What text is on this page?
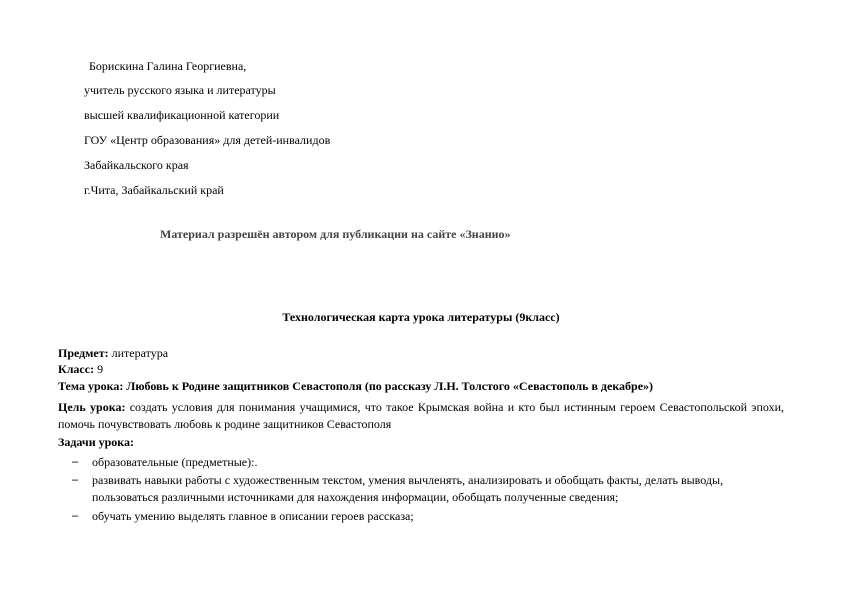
Борискина Галина Георгиевна,
учитель русского языка и литературы
высшей квалификационной категории
ГОУ «Центр образования» для детей-инвалидов
Забайкальского края
г.Чита, Забайкальский край
Материал разрешён автором для публикации на сайте «Знанио»
Технологическая карта урока литературы (9класс)
Предмет: литература
Класс: 9
Тема урока: Любовь к Родине защитников Севастополя (по рассказу Л.Н. Толстого «Севастополь в декабре»)
Цель урока: создать условия для понимания учащимися, что такое Крымская война и кто был истинным героем Севастопольской эпохи, помочь почувствовать любовь к родине защитников Севастополя
Задачи урока:
– образовательные (предметные):.
– развивать навыки работы с художественным текстом, умения вычленять, анализировать и обобщать факты, делать выводы, пользоваться различными источниками для нахождения информации, обобщать полученные сведения;
– обучать умению выделять главное в описании героев рассказа;
